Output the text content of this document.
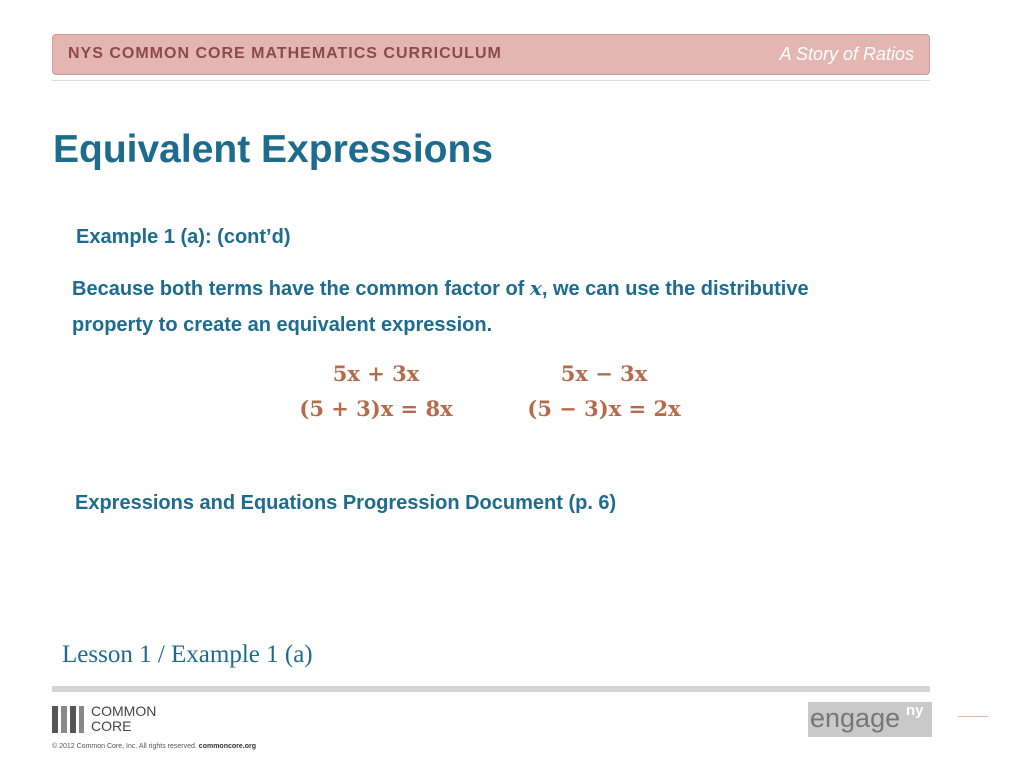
NYS COMMON CORE MATHEMATICS CURRICULUM	A Story of Ratios
Equivalent Expressions
Example 1 (a): (cont’d)
Because both terms have the common factor of x, we can use the distributive property to create an equivalent expression.
5x + 3x
(5 + 3)x = 8x
5x − 3x
(5 − 3)x = 2x
Expressions and Equations Progression Document (p. 6)
Lesson 1 / Example 1 (a)
COMMON
CORE
© 2012 Common Core, Inc. All rights reserved. commoncore.org
engage ny
